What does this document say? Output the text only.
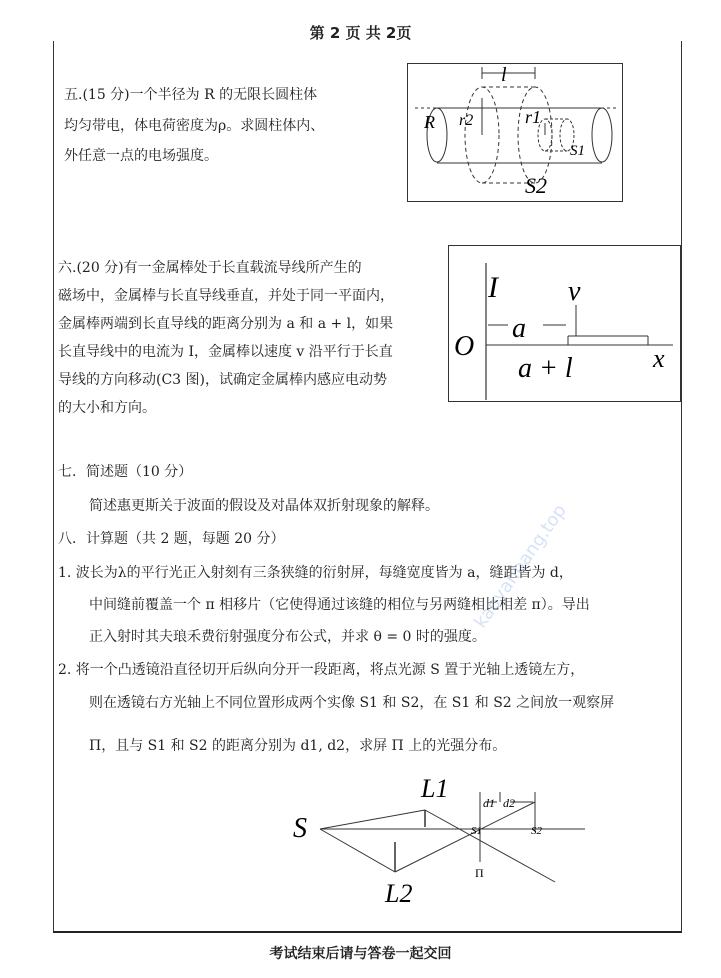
第 2 页 共 2页
五.(15 分)一个半径为 R 的无限长圆柱体
均匀带电，体电荷密度为ρ。求圆柱体内、
外任意一点的电场强度。
l
R r2	r1
S1
S2
六.(20 分)有一金属棒处于长直载流导线所产生的
磁场中，金属棒与长直导线垂直，并处于同一平面内，
金属棒两端到长直导线的距离分别为 a 和 a + l，如果
长直导线中的电流为 I，金属棒以速度 v 沿平行于长直
导线的方向移动(C3 图)，试确定金属棒内感应电动势
的大小和方向。
I	v
O
a
a + l	x
七．简述题（10 分）
简述惠更斯关于波面的假设及对晶体双折射现象的解释。
八．计算题（共 2 题，每题 20 分）
1. 波长为λ的平行光正入射刻有三条狭缝的衍射屏，每缝宽度皆为 a，缝距皆为 d，
中间缝前覆盖一个 π 相移片（它使得通过该缝的相位与另两缝相比相差 π）。导出
正入射时其夫琅禾费衍射强度分布公式，并求 θ = 0 时的强度。
2. 将一个凸透镜沿直径切开后纵向分开一段距离，将点光源 S 置于光轴上透镜左方，
则在透镜右方光轴上不同位置形成两个实像 S1 和 S2，在 S1 和 S2 之间放一观察屏
Π，且与 S1 和 S2 的距离分别为 d1, d2，求屏 Π 上的光强分布。
S
L1
L2
d1 d2
S1	S2
Π
kaoyanbang.top
考试结束后请与答卷一起交回
